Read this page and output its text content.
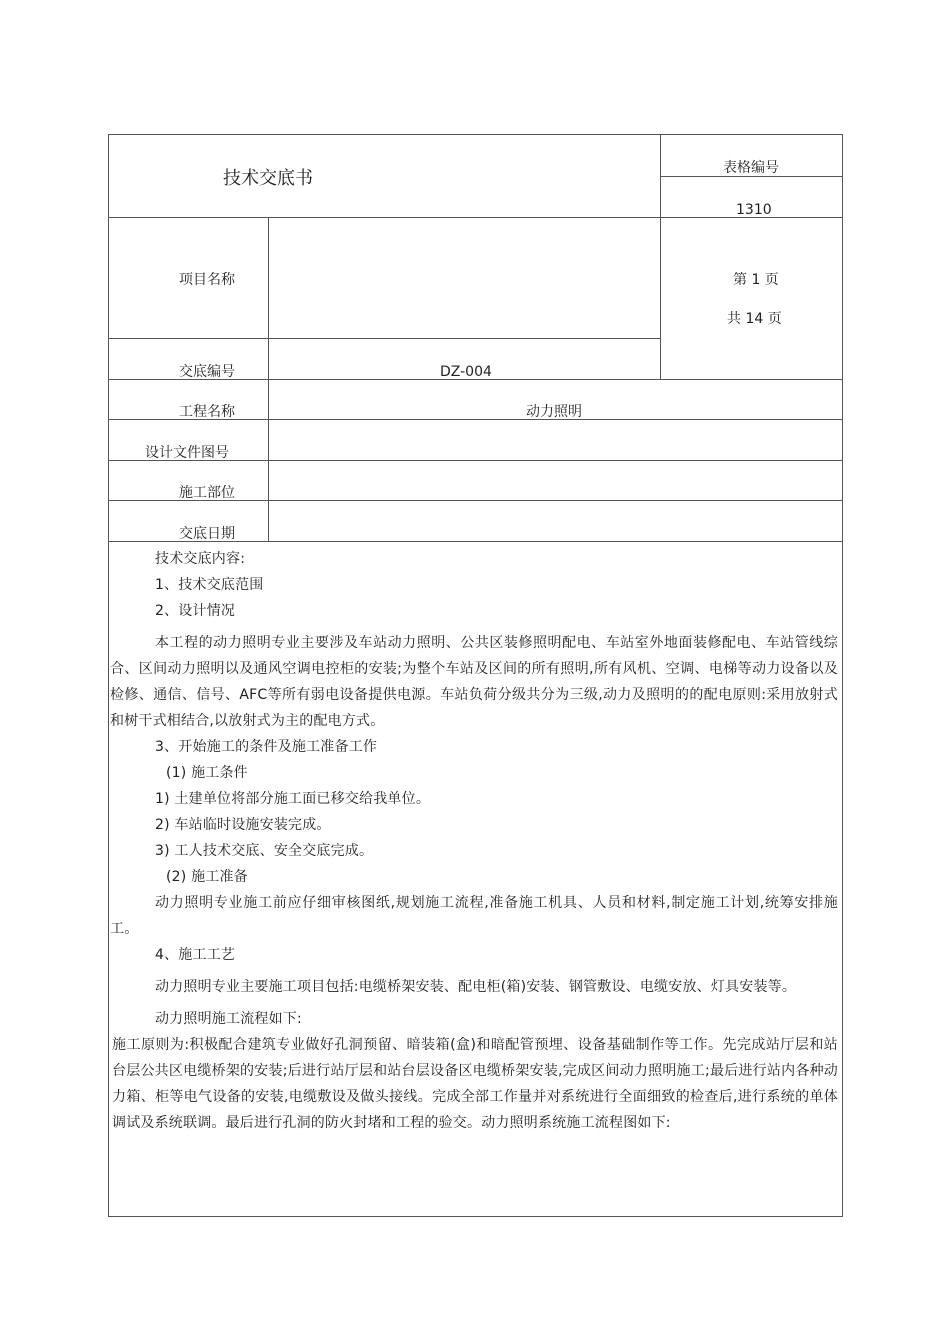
技术交底书	表格编号
1310
第 1 页
共 14 页
项目名称
交底编号	DZ-004
工程名称	动力照明
设计文件图号
施工部位
交底日期

技术交底内容:

1、技术交底范围

2、设计情况

本工程的动力照明专业主要涉及车站动力照明、公共区装修照明配电、车站室外地面装修配电、车站管线综合、区间动力照明以及通风空调电控柜的安装;为整个车站及区间的所有照明,所有风机、空调、电梯等动力设备以及检修、通信、信号、AFC等所有弱电设备提供电源。车站负荷分级共分为三级,动力及照明的的配电原则:采用放射式和树干式相结合,以放射式为主的配电方式。

3、开始施工的条件及施工准备工作

(1) 施工条件

1) 土建单位将部分施工面已移交给我单位。

2) 车站临时设施安装完成。

3) 工人技术交底、安全交底完成。

(2) 施工准备

动力照明专业施工前应仔细审核图纸,规划施工流程,准备施工机具、人员和材料,制定施工计划,统筹安排施工。

4、施工工艺

动力照明专业主要施工项目包括:电缆桥架安装、配电柜(箱)安装、钢管敷设、电缆安放、灯具安装等。

动力照明施工流程如下:

施工原则为:积极配合建筑专业做好孔洞预留、暗装箱(盒)和暗配管预埋、设备基础制作等工作。先完成站厅层和站台层公共区电缆桥架的安装;后进行站厅层和站台层设备区电缆桥架安装,完成区间动力照明施工;最后进行站内各种动力箱、柜等电气设备的安装,电缆敷设及做头接线。完成全部工作量并对系统进行全面细致的检查后,进行系统的单体调试及系统联调。最后进行孔洞的防火封堵和工程的验交。动力照明系统施工流程图如下:
